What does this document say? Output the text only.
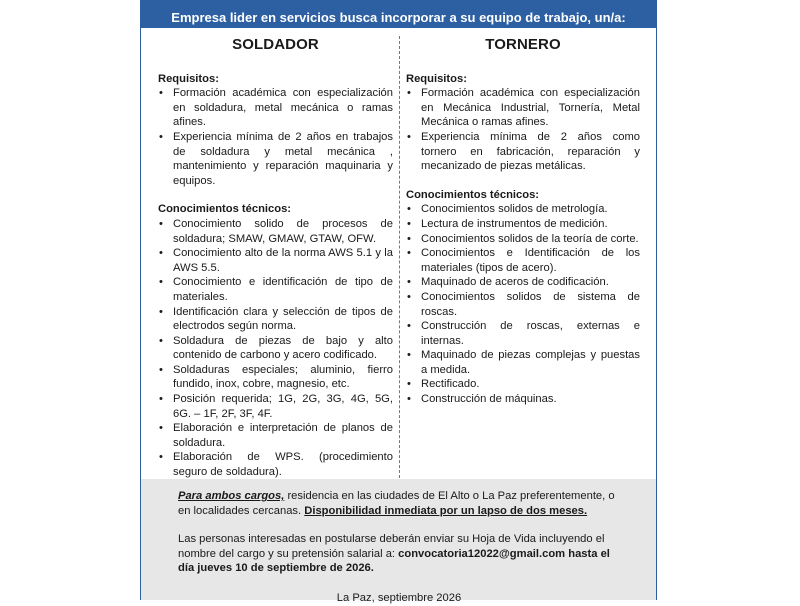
Empresa lider en servicios busca incorporar a su equipo de trabajo, un/a:
SOLDADOR

Requisitos:

• Formación académica con especialización en soldadura, metal mecánica o ramas afines.
• Experiencia mínima de 2 años en trabajos de soldadura y metal mecánica , mantenimiento y reparación maquinaria y equipos.

Conocimientos técnicos:

• Conocimiento solido de procesos de soldadura; SMAW, GMAW, GTAW, OFW.
• Conocimiento alto de la norma AWS 5.1 y la AWS 5.5.
• Conocimiento e identificación de tipo de materiales.
• Identificación clara y selección de tipos de electrodos según norma.
• Soldadura de piezas de bajo y alto contenido de carbono y acero codificado.
• Soldaduras especiales; aluminio, fierro fundido, inox, cobre, magnesio, etc.
• Posición requerida; 1G, 2G, 3G, 4G, 5G, 6G. – 1F, 2F, 3F, 4F.
• Elaboración e interpretación de planos de soldadura.
• Elaboración de WPS. (procedimiento seguro de soldadura).
•
TORNERO

Requisitos:

• Formación académica con especialización en Mecánica Industrial, Tornería, Metal Mecánica o ramas afines.
• Experiencia mínima de 2 años como tornero en fabricación, reparación y mecanizado de piezas metálicas.

Conocimientos técnicos:

• Conocimientos solidos de metrología.
• Lectura de instrumentos de medición.
• Conocimientos solidos de la teoría de corte.
• Conocimientos e Identificación de los materiales (tipos de acero).
• Maquinado de aceros de codificación.
• Conocimientos solidos de sistema de roscas.
• Construcción de roscas, externas e internas.
• Maquinado de piezas complejas y puestas a medida.
• Rectificado.
• Construcción de máquinas.

Para ambos cargos, residencia en las ciudades de El Alto o La Paz preferentemente, o en localidades cercanas. Disponibilidad inmediata por un lapso de dos meses.

Las personas interesadas en postularse deberán enviar su Hoja de Vida incluyendo el nombre del cargo y su pretensión salarial a: convocatoria12022@gmail.com hasta el día jueves 10 de septiembre de 2026.

La Paz, septiembre 2026
